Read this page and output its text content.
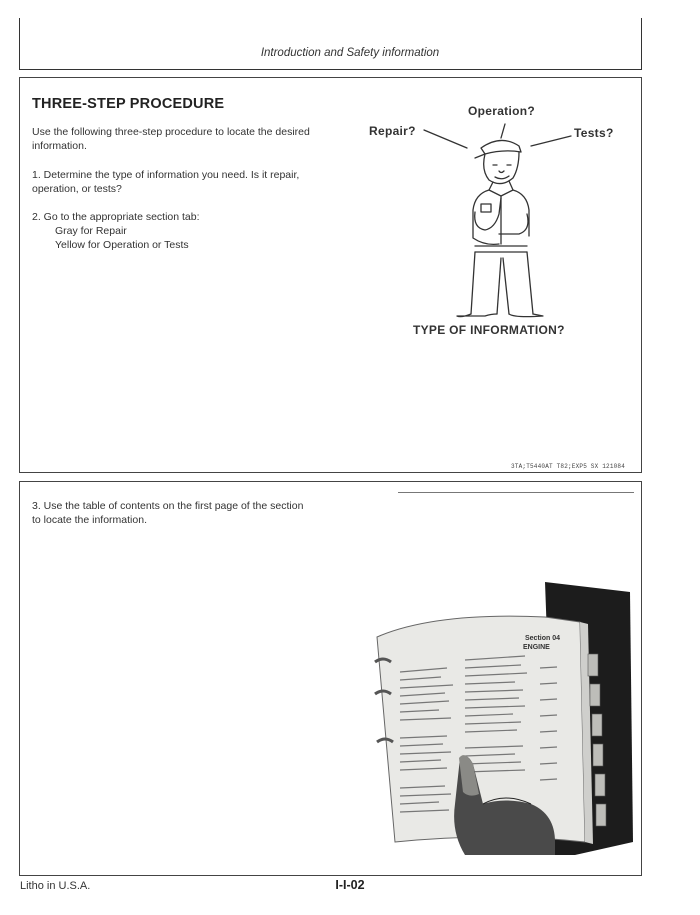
Introduction and Safety information
THREE-STEP PROCEDURE
Use the following three-step procedure to locate the desired
information.
1. Determine the type of information you need. Is it repair,
operation, or tests?
2. Go to the appropriate section tab:
Gray for Repair
Yellow for Operation or Tests
Operation?
Repair?	Tests?
TYPE OF INFORMATION?
3TA;T5440AT T82;EXP5 SX 121084
3. Use the table of contents on the first page of the section
to locate the information.
Section 04
ENGINE
Litho in U.S.A.	I-I-02
